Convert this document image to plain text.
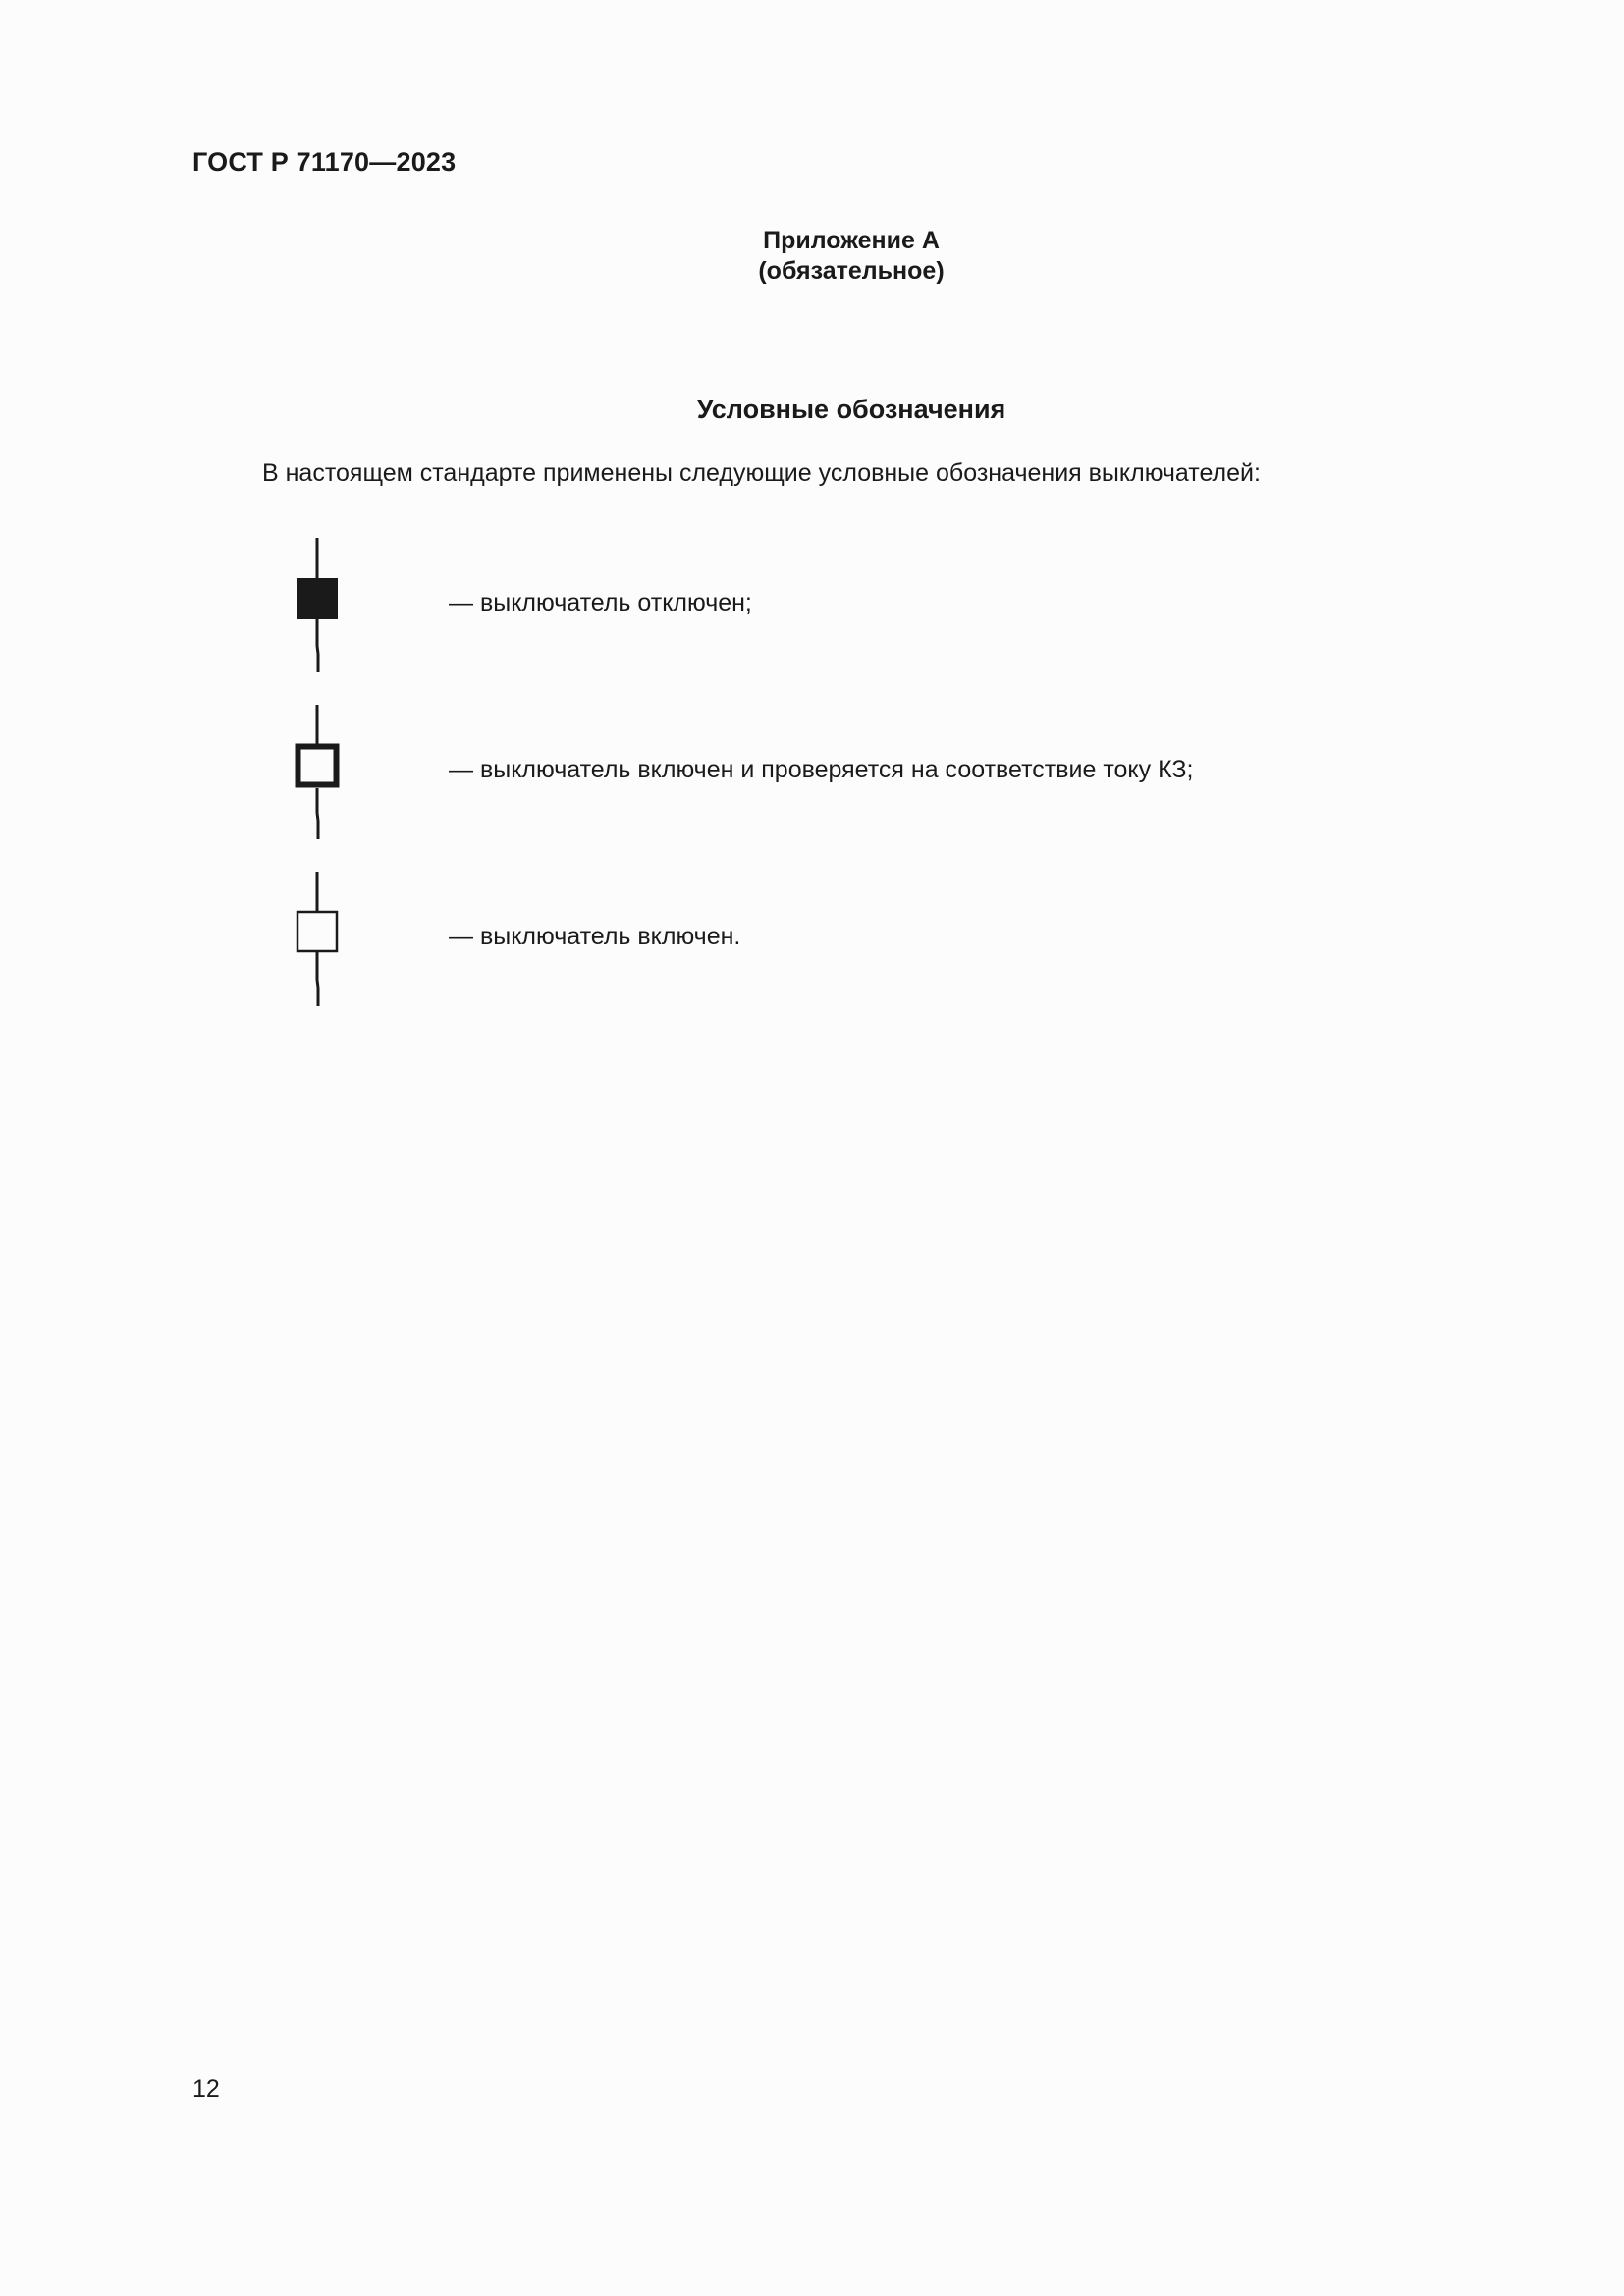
ГОСТ Р 71170—2023
Приложение А
(обязательное)
Условные обозначения
В настоящем стандарте применены следующие условные обозначения выключателей:
— выключатель отключен;
— выключатель включен и проверяется на соответствие току КЗ;
— выключатель включен.
12
